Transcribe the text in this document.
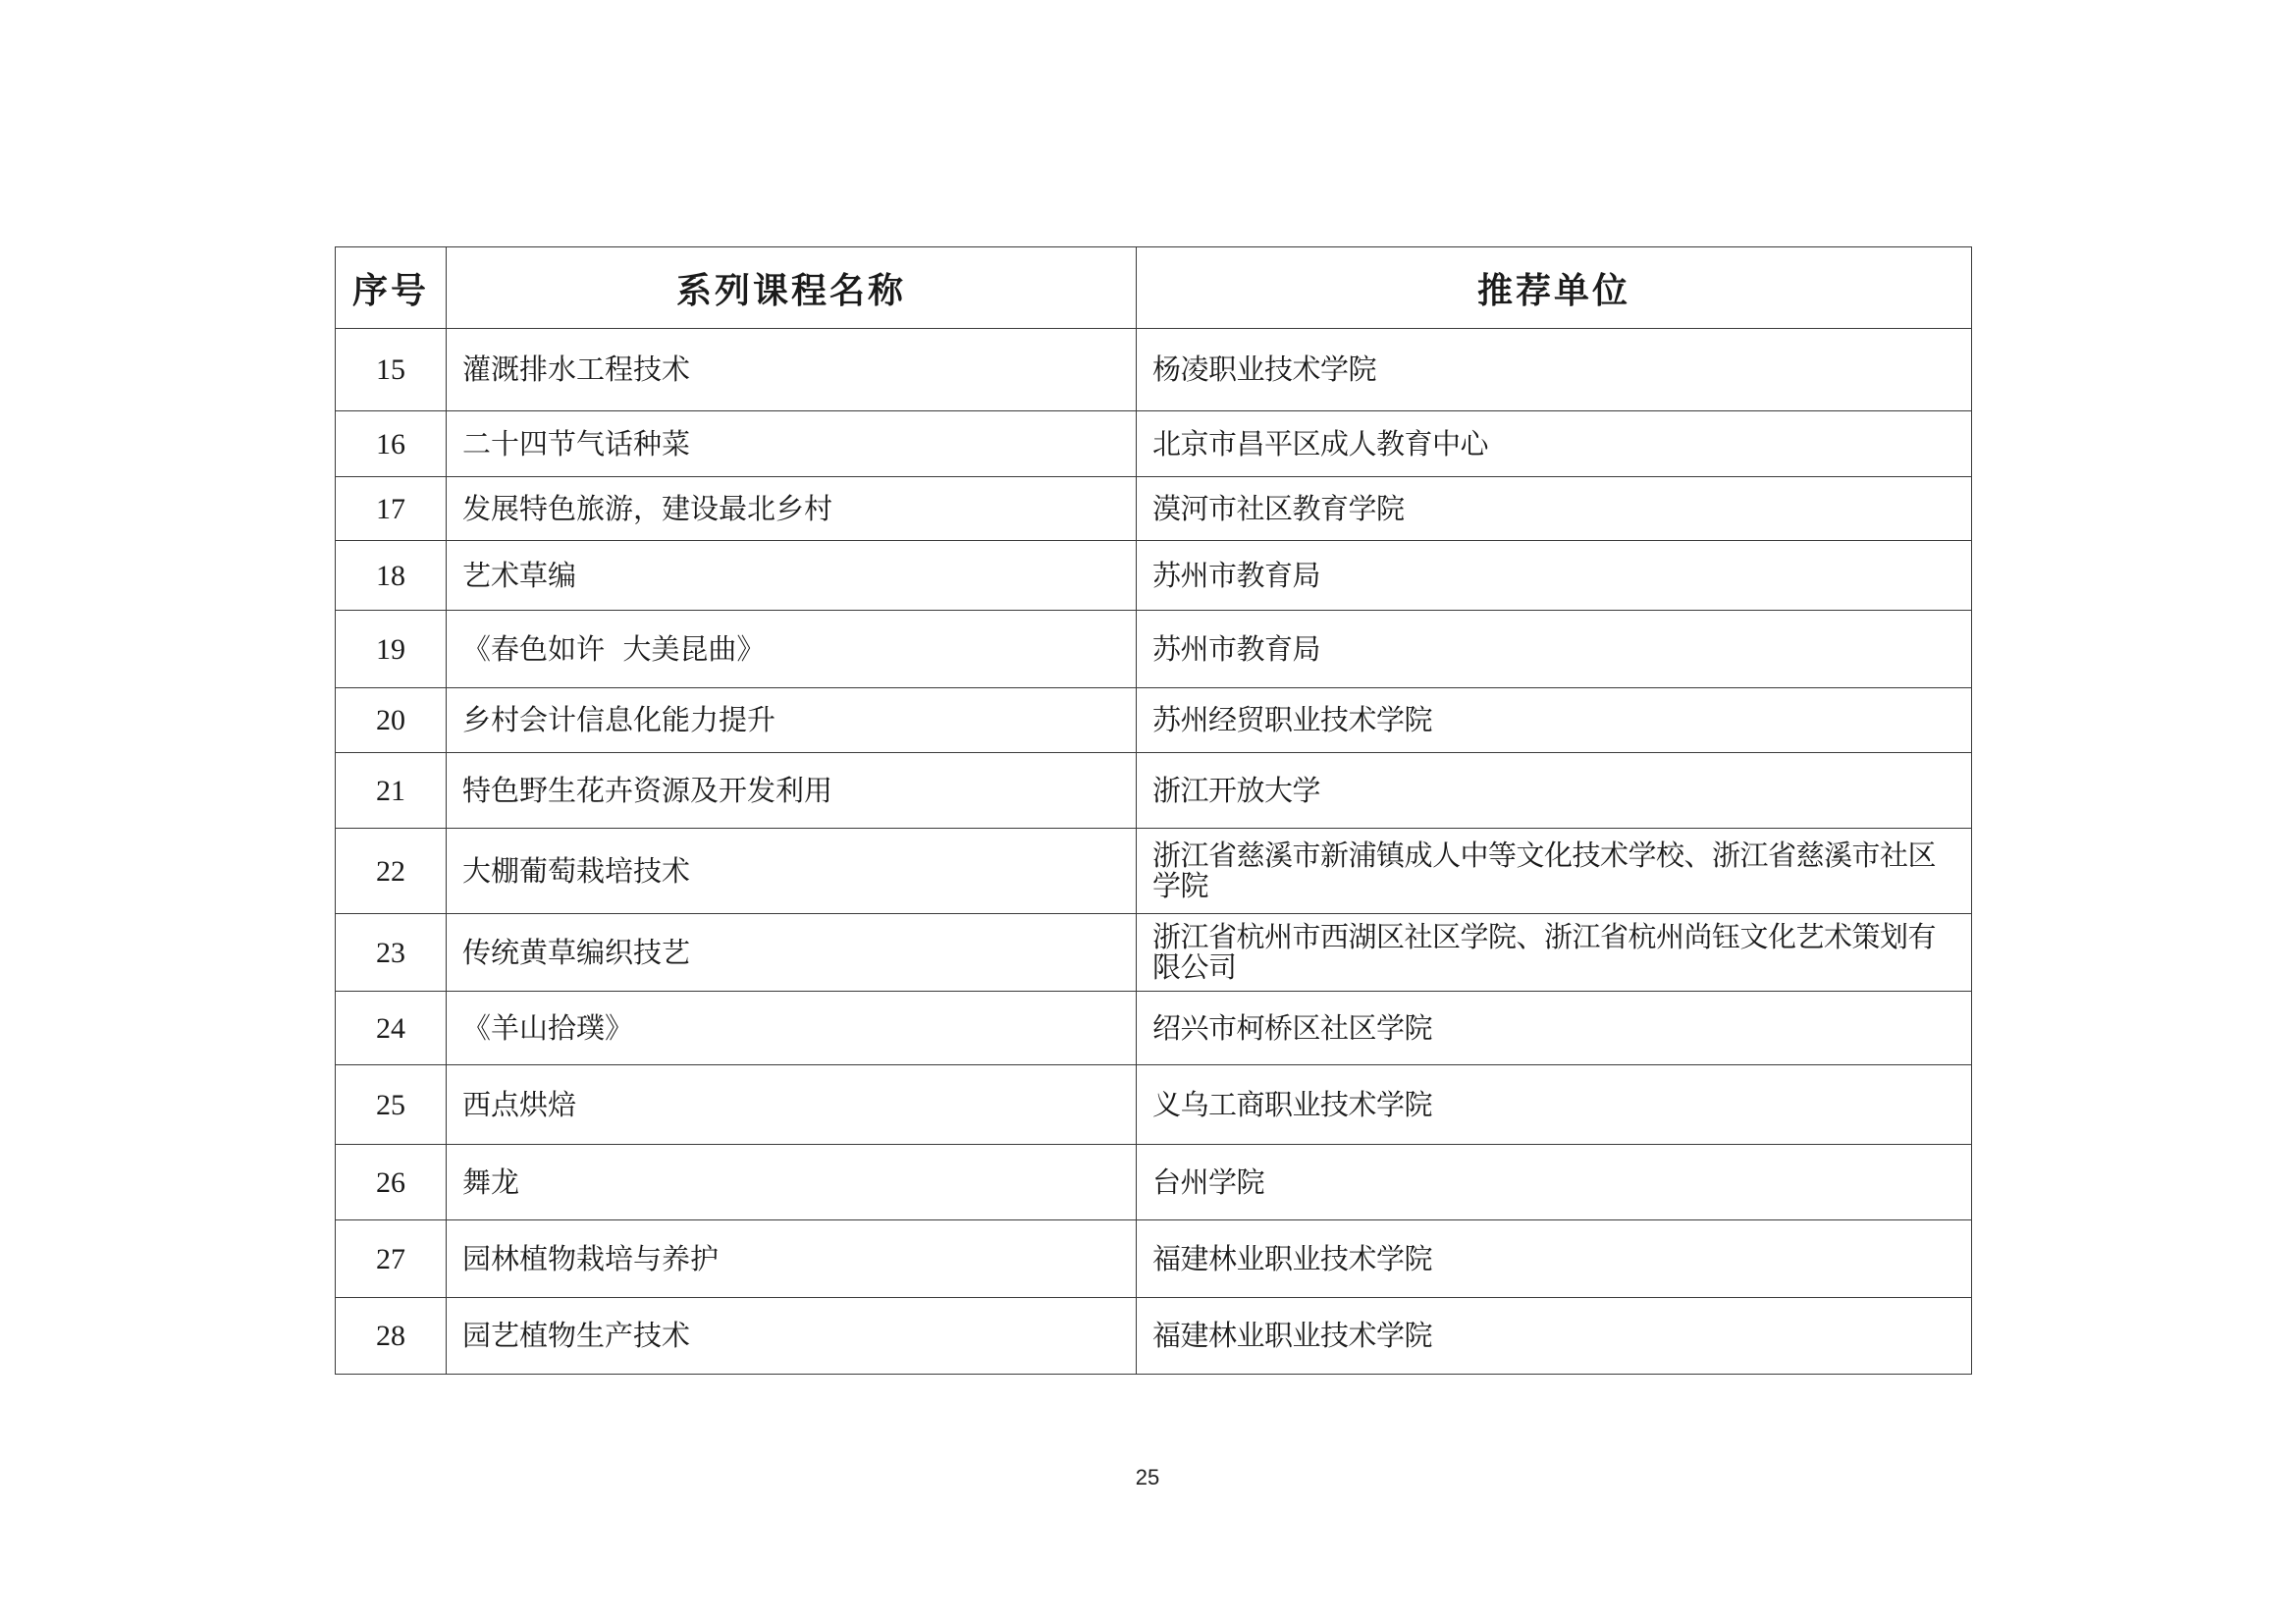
序号	系列课程名称	推荐单位
15	灌溉排水工程技术	杨凌职业技术学院
16	二十四节气话种菜	北京市昌平区成人教育中心
17	发展特色旅游，建设最北乡村	漠河市社区教育学院
18	艺术草编	苏州市教育局
19	《春色如许  大美昆曲》	苏州市教育局
20	乡村会计信息化能力提升	苏州经贸职业技术学院
21	特色野生花卉资源及开发利用	浙江开放大学
22	大棚葡萄栽培技术	浙江省慈溪市新浦镇成人中等文化技术学校、浙江省慈溪市社区学院
23	传统黄草编织技艺	浙江省杭州市西湖区社区学院、浙江省杭州尚钰文化艺术策划有限公司
24	《羊山拾璞》	绍兴市柯桥区社区学院
25	西点烘焙	义乌工商职业技术学院
26	舞龙	台州学院
27	园林植物栽培与养护	福建林业职业技术学院
28	园艺植物生产技术	福建林业职业技术学院
25
